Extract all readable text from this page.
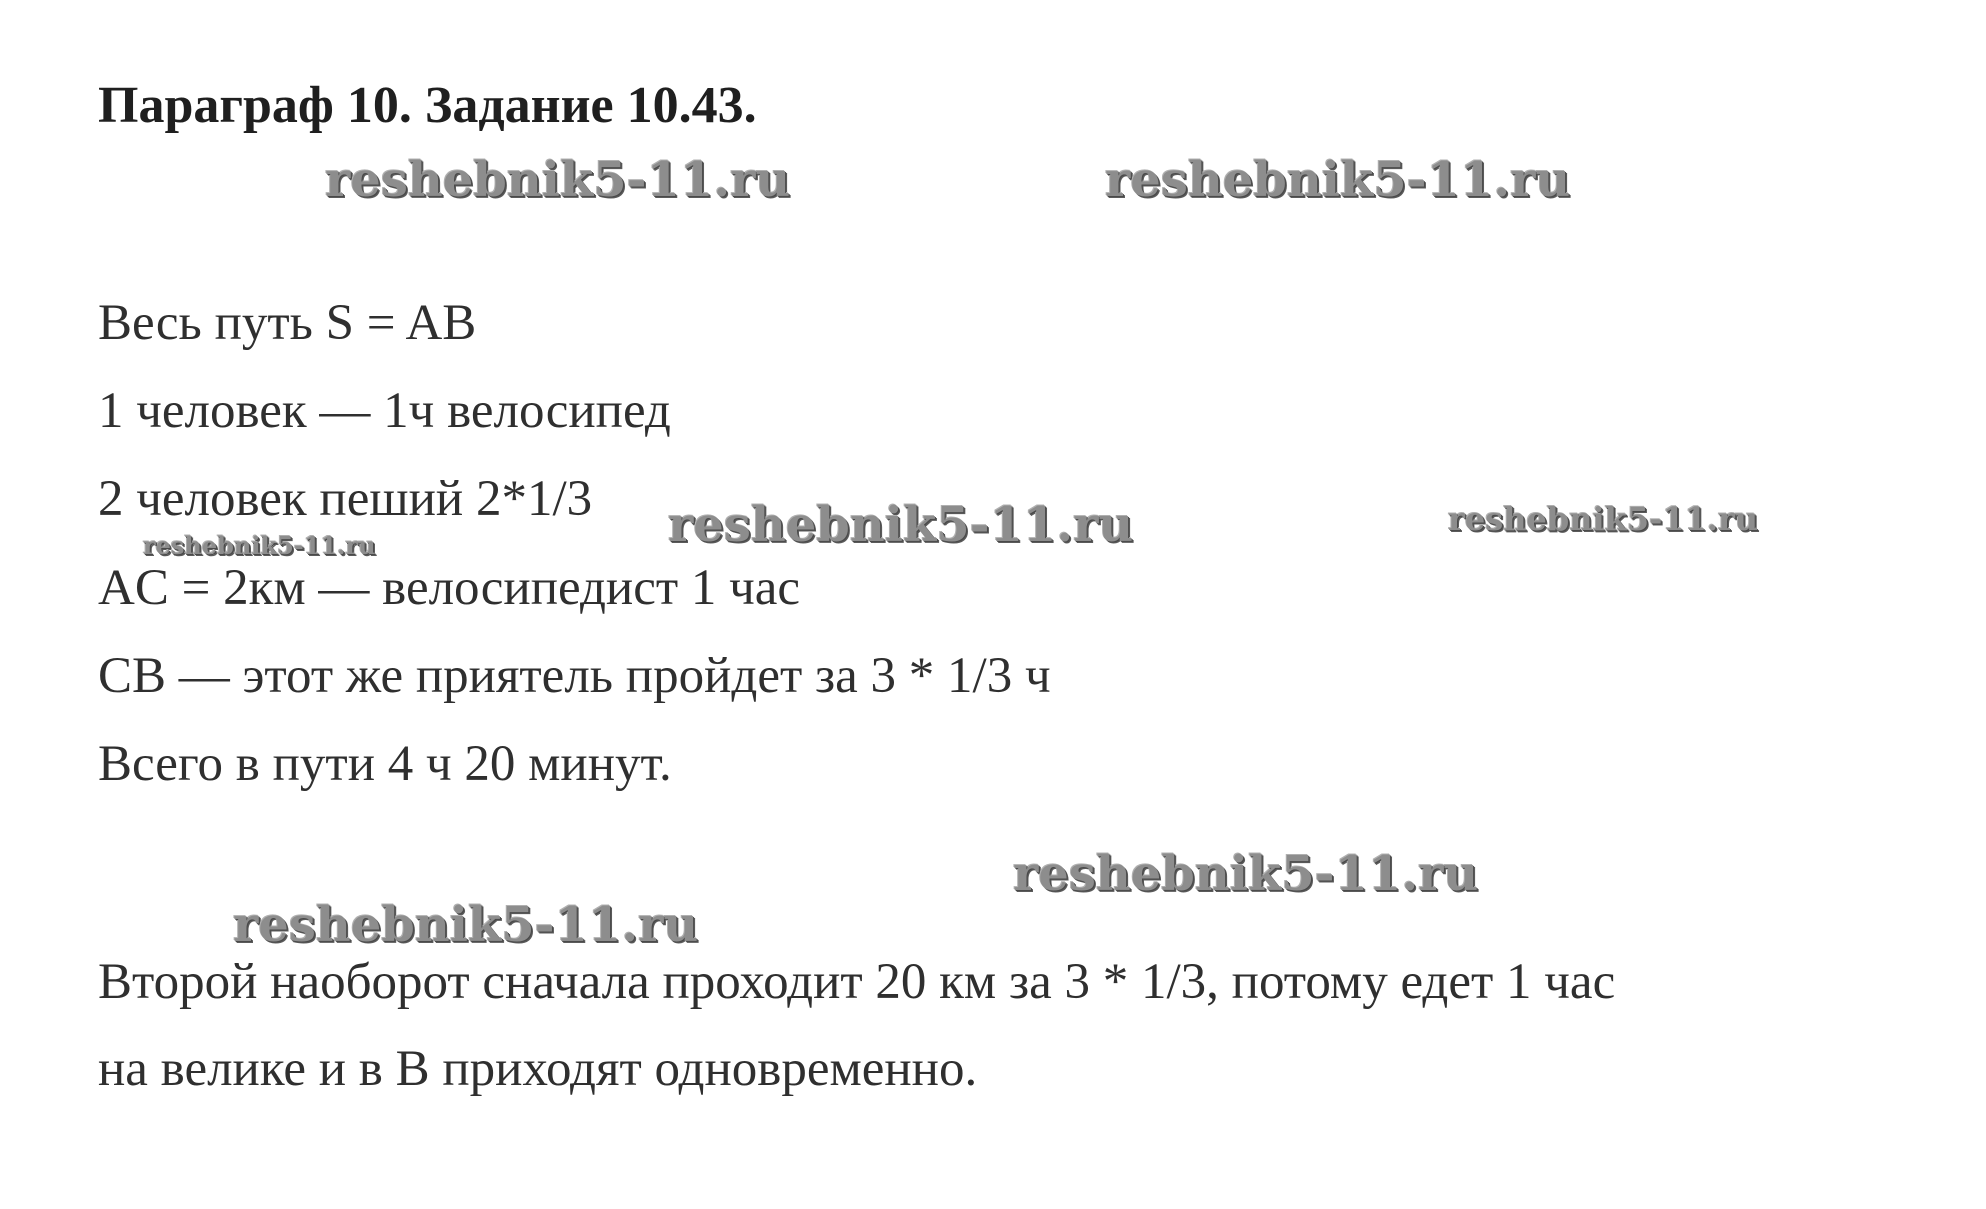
Параграф 10. Задание 10.43.
reshebnik5-11.ru	reshebnik5-11.ru
Весь путь S = AB
1 человек — 1ч велосипед
2 человек пеший 2*1/3
reshebnik5-11.ru	reshebnik5-11.ru	reshebnik5-11.ru
AC = 2км — велосипедист 1 час
CB — этот же приятель пройдет за 3 * 1/3 ч
Всего в пути 4 ч 20 минут.
reshebnik5-11.ru
reshebnik5-11.ru
Второй наоборот сначала проходит 20 км за 3 * 1/3, потому едет 1 час
на велике и в В приходят одновременно.
